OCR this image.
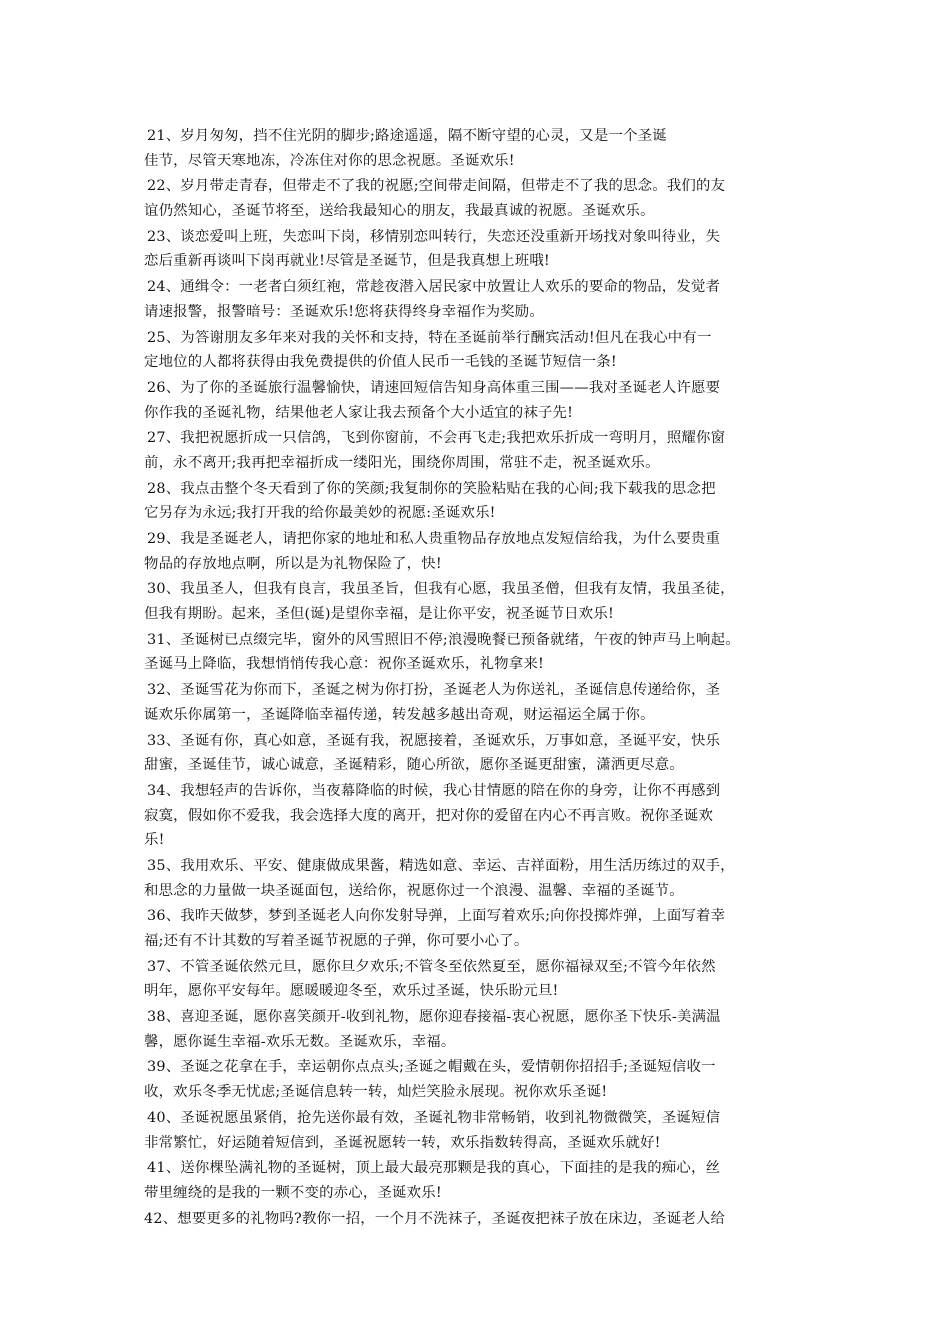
21、岁月匆匆，挡不住光阴的脚步;路途遥遥，隔不断守望的心灵，又是一个圣诞
佳节，尽管天寒地冻，冷冻住对你的思念祝愿。圣诞欢乐!
22、岁月带走青春，但带走不了我的祝愿;空间带走间隔，但带走不了我的思念。我们的友
谊仍然知心，圣诞节将至，送给我最知心的朋友，我最真诚的祝愿。圣诞欢乐。
23、谈恋爱叫上班，失恋叫下岗，移情别恋叫转行，失恋还没重新开场找对象叫待业，失
恋后重新再谈叫下岗再就业!尽管是圣诞节，但是我真想上班哦!
24、通缉令：一老者白须红袍，常趁夜潜入居民家中放置让人欢乐的要命的物品，发觉者
请速报警，报警暗号：圣诞欢乐!您将获得终身幸福作为奖励。
25、为答谢朋友多年来对我的关怀和支持，特在圣诞前举行酬宾活动!但凡在我心中有一
定地位的人都将获得由我免费提供的价值人民币一毛钱的圣诞节短信一条!
26、为了你的圣诞旅行温馨愉快，请速回短信告知身高体重三围——我对圣诞老人许愿要
你作我的圣诞礼物，结果他老人家让我去预备个大小适宜的袜子先!
27、我把祝愿折成一只信鸽，飞到你窗前，不会再飞走;我把欢乐折成一弯明月，照耀你窗
前，永不离开;我再把幸福折成一缕阳光，围绕你周围，常驻不走，祝圣诞欢乐。
28、我点击整个冬天看到了你的笑颜;我复制你的笑脸粘贴在我的心间;我下载我的思念把
它另存为永远;我打开我的给你最美妙的祝愿:圣诞欢乐!
29、我是圣诞老人，请把你家的地址和私人贵重物品存放地点发短信给我，为什么要贵重
物品的存放地点啊，所以是为礼物保险了，快!
30、我虽圣人，但我有良言，我虽圣旨，但我有心愿，我虽圣僧，但我有友情，我虽圣徒，
但我有期盼。起来，圣但(诞)是望你幸福，是让你平安，祝圣诞节日欢乐!
31、圣诞树已点缀完毕，窗外的风雪照旧不停;浪漫晚餐已预备就绪，午夜的钟声马上响起。
圣诞马上降临，我想悄悄传我心意：祝你圣诞欢乐，礼物拿来!
32、圣诞雪花为你而下，圣诞之树为你打扮，圣诞老人为你送礼，圣诞信息传递给你，圣
诞欢乐你属第一，圣诞降临幸福传递，转发越多越出奇观，财运福运全属于你。
33、圣诞有你，真心如意，圣诞有我，祝愿接着，圣诞欢乐，万事如意，圣诞平安，快乐
甜蜜，圣诞佳节，诚心诚意，圣诞精彩，随心所欲，愿你圣诞更甜蜜，潇洒更尽意。
34、我想轻声的告诉你，当夜幕降临的时候，我心甘情愿的陪在你的身旁，让你不再感到
寂寞，假如你不爱我，我会选择大度的离开，把对你的爱留在内心不再言败。祝你圣诞欢
乐!
35、我用欢乐、平安、健康做成果酱，精选如意、幸运、吉祥面粉，用生活历练过的双手，
和思念的力量做一块圣诞面包，送给你，祝愿你过一个浪漫、温馨、幸福的圣诞节。
36、我昨天做梦，梦到圣诞老人向你发射导弹，上面写着欢乐;向你投掷炸弹，上面写着幸
福;还有不计其数的写着圣诞节祝愿的子弹，你可要小心了。
37、不管圣诞依然元旦，愿你旦夕欢乐;不管冬至依然夏至，愿你福禄双至;不管今年依然
明年，愿你平安每年。愿暖暖迎冬至，欢乐过圣诞，快乐盼元旦!
38、喜迎圣诞，愿你喜笑颜开-收到礼物，愿你迎春接福-衷心祝愿，愿你圣下快乐-美满温
馨，愿你诞生幸福-欢乐无数。圣诞欢乐，幸福。
39、圣诞之花拿在手，幸运朝你点点头;圣诞之帽戴在头，爱情朝你招招手;圣诞短信收一
收，欢乐冬季无忧虑;圣诞信息转一转，灿烂笑脸永展现。祝你欢乐圣诞!
40、圣诞祝愿虽紧俏，抢先送你最有效，圣诞礼物非常畅销，收到礼物微微笑，圣诞短信
非常繁忙，好运随着短信到，圣诞祝愿转一转，欢乐指数转得高，圣诞欢乐就好!
41、送你棵坠满礼物的圣诞树，顶上最大最亮那颗是我的真心，下面挂的是我的痴心，丝
带里缠绕的是我的一颗不变的赤心，圣诞欢乐!
42、想要更多的礼物吗?教你一招，一个月不洗袜子，圣诞夜把袜子放在床边，圣诞老人给
